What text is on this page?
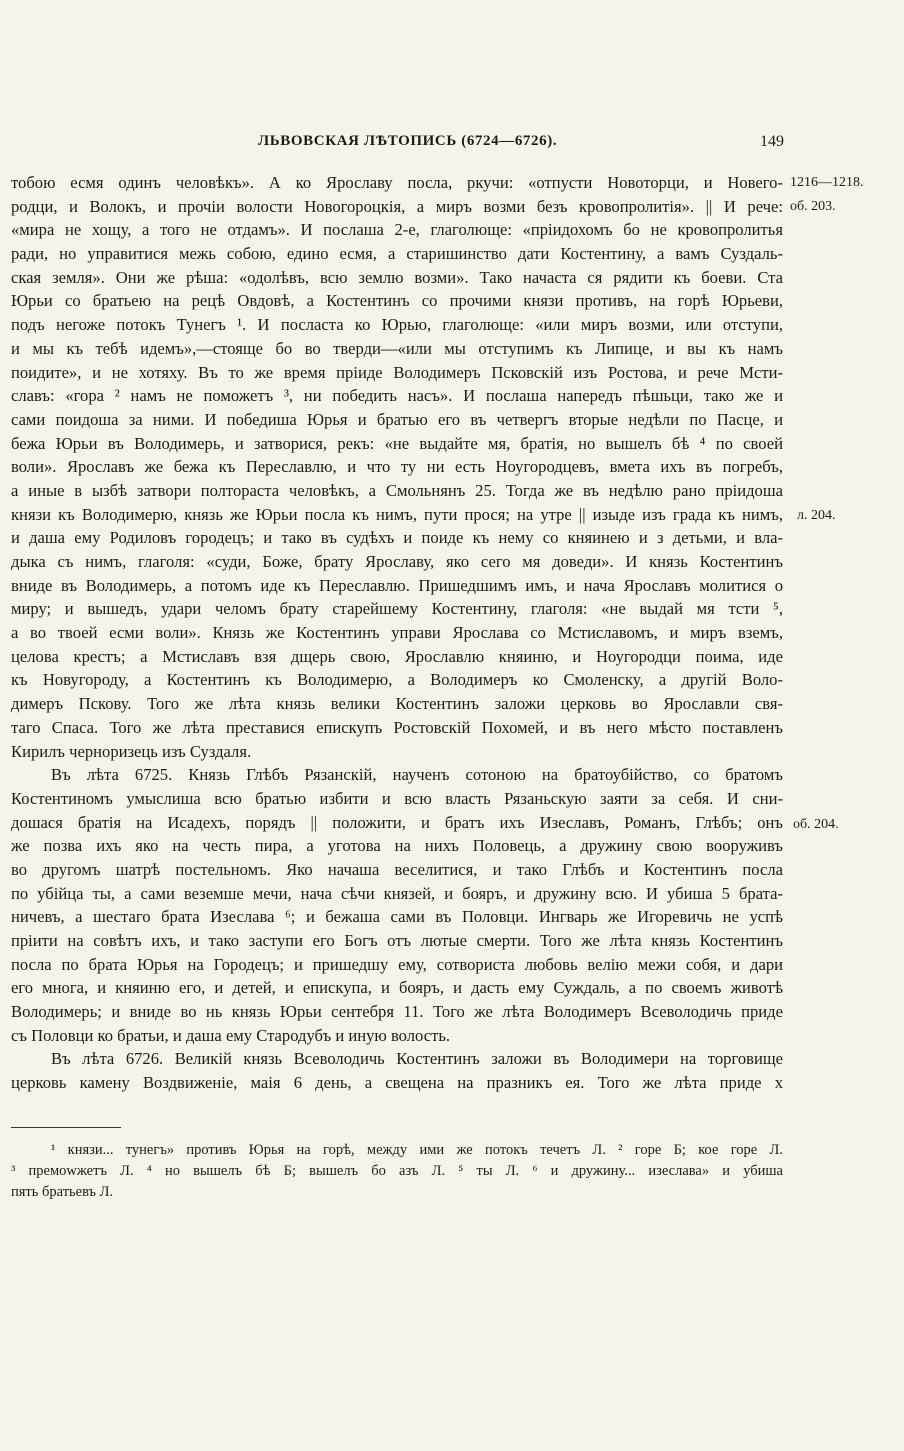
ЛЬВОВСКАЯ ЛѢТОПИСЬ (6724—6726).	149
тобою есмя одинъ человѣкъ». А ко Ярославу посла, ркучи: «отпусти Новоторци, и Новего-
родци, и Волокъ, и прочіи волости Новогороцкія, а миръ возми безъ кровопролитія». || И рече:
«мира не хощу, а того не отдамъ». И послаша 2-е, глаголюще: «пріидохомъ бо не кровопролитья
ради, но управитися межь собою, едино есмя, а старишинство дати Костентину, а вамъ Суздаль-
ская земля». Они же рѣша: «одолѣвъ, всю землю возми». Тако начаста ся рядити къ боеви. Ста
Юрьи со братьею на рецѣ Овдовѣ, а Костентинъ со прочими князи противъ, на горѣ Юрьеви,
подъ негоже потокъ Тунегъ ¹. И посласта ко Юрью, глаголюще: «или миръ возми, или отступи,
и мы къ тебѣ идемъ»,—стояще бо во тверди—«или мы отступимъ къ Липице, и вы къ намъ
поидите», и не хотяху. Въ то же время пріиде Володимеръ Псковскій изъ Ростова, и рече Мсти-
славъ: «гора ² намъ не поможетъ ³, ни победить насъ». И послаша напередъ пѣшьци, тако же и
сами поидоша за ними. И победиша Юрья и братью его въ четвергъ вторые недѣли по Пасце, и
бежа Юрьи въ Володимерь, и затворися, рекъ: «не выдайте мя, братія, но вышелъ бѣ ⁴ по своей
воли». Ярославъ же бежа къ Переславлю, и что ту ни есть Ноугородцевъ, вмета ихъ въ погребъ,
а иные в ызбѣ затвори полтораста человѣкъ, а Смольнянъ 25. Тогда же въ недѣлю рано пріидоша
князи къ Володимерю, князь же Юрьи посла къ нимъ, пути прося; на утре || изыде изъ града къ нимъ,
и даша ему Родиловъ городецъ; и тако въ судѣхъ и поиде къ нему со княинею и з детьми, и вла-
дыка съ нимъ, глаголя: «суди, Боже, брату Ярославу, яко сего мя доведи». И князь Костентинъ
вниде въ Володимерь, а потомъ иде къ Переславлю. Пришедшимъ имъ, и нача Ярославъ молитися о
миру; и вышедъ, удари челомъ брату старейшему Костентину, глаголя: «не выдай мя тсти ⁵,
а во твоей есми воли». Князь же Костентинъ управи Ярослава со Мстиславомъ, и миръ вземъ,
целова крестъ; а Мстиславъ взя дщерь свою, Ярославлю княиню, и Ноугородци поима, иде
къ Новугороду, а Костентинъ къ Володимерю, а Володимеръ ко Смоленску, а другій Воло-
димеръ Пскову. Того же лѣта князь велики Костентинъ заложи церковь во Ярославли свя-
таго Спаса. Того же лѣта преставися епискупъ Ростовскій Похомей, и въ него мѣсто поставленъ
Кирилъ черноризець изъ Суздаля.
Въ лѣта 6725. Князь Глѣбъ Рязанскій, наученъ сотоною на братоубійство, со братомъ
Костентиномъ умыслиша всю братью избити и всю власть Рязаньскую заяти за себя. И сни-
дошася братія на Исадехъ, порядъ || положити, и братъ ихъ Изеславъ, Романъ, Глѣбъ; онъ
же позва ихъ яко на честь пира, а уготова на нихъ Половець, а дружину свою вооруживъ
во другомъ шатрѣ постельномъ. Яко начаша веселитися, и тако Глѣбъ и Костентинъ посла
по убійца ты, а сами веземше мечи, нача сѣчи князей, и бояръ, и дружину всю. И убиша 5 брата-
ничевъ, а шестаго брата Изеслава ⁶; и бежаша сами въ Половци. Ингварь же Игоревичь не успѣ
пріити на совѣтъ ихъ, и тако заступи его Богъ отъ лютые смерти. Того же лѣта князь Костентинъ
посла по брата Юрья на Городецъ; и пришедшу ему, сотвориста любовь велію межи собя, и дари
его многа, и княиню его, и детей, и епискупа, и бояръ, и дасть ему Суждаль, а по своемъ животѣ
Володимерь; и вниде во нь князь Юрьи сентебря 11. Того же лѣта Володимеръ Всеволодичь приде
съ Половци ко братьи, и даша ему Стародубъ и иную волость.
Въ лѣта 6726. Великій князь Всеволодичь Костентинъ заложи въ Володимери на торговище
церковь камену Воздвиженіе, маія 6 день, а свещена на празникъ ея. Того же лѣта приде х
1216—1218.
об. 203.
л. 204.
об. 204.
¹ князи... тунегъ» противъ Юрья на горѣ, между ими же потокъ течетъ Л. ² горе Б; кое горе Л.
³ премowжетъ Л. ⁴ но вышелъ бѣ Б; вышелъ бо азъ Л. ⁵ ты Л. ⁶ и дружину... изеслава» и убиша
пять братьевъ Л.
